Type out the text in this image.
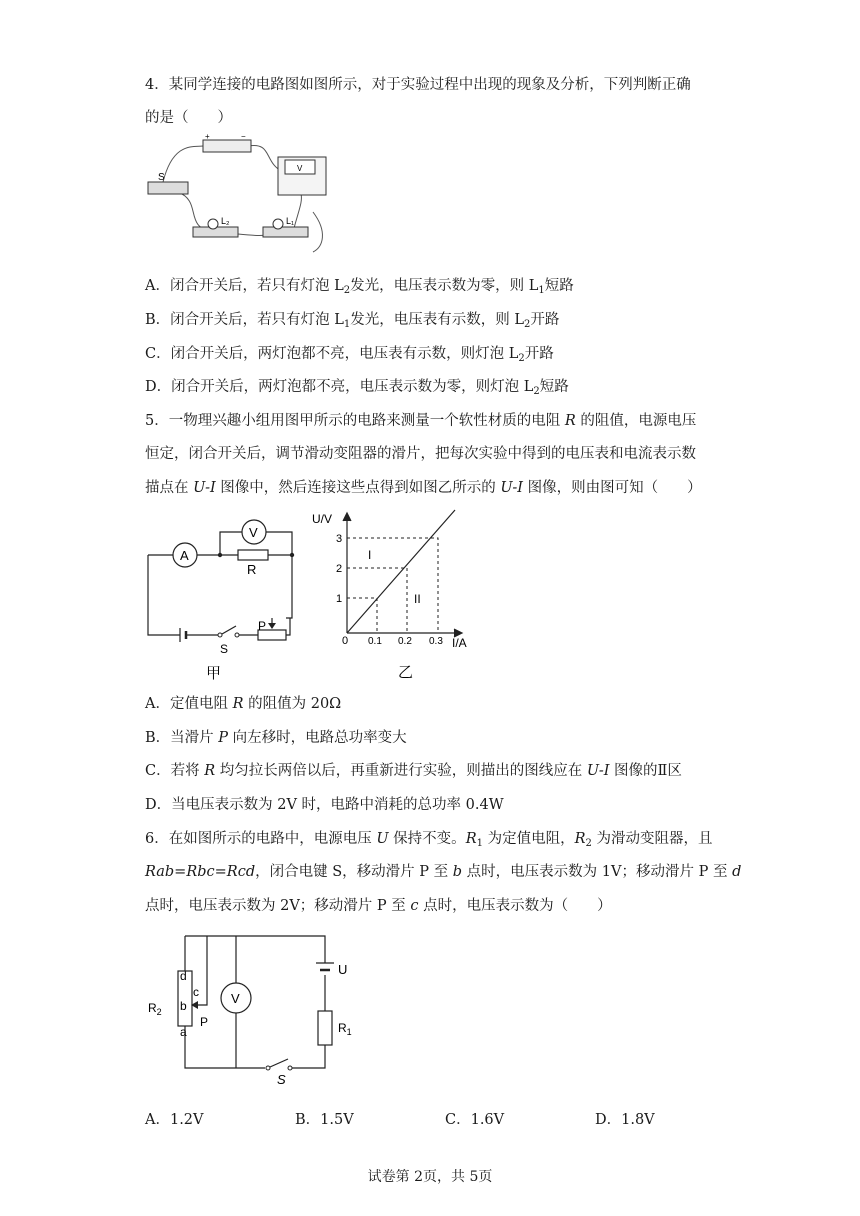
4．某同学连接的电路图如图所示，对于实验过程中出现的现象及分析，下列判断正确
的是（　　）
+	−
V
S
L₂	L₁
A．闭合开关后，若只有灯泡 $L_2$发光，电压表示数为零，则 $L_1$短路
B．闭合开关后，若只有灯泡 $L_1$发光，电压表有示数，则 $L_2$开路
C．闭合开关后，两灯泡都不亮，电压表有示数，则灯泡 $L_2$开路
D．闭合开关后，两灯泡都不亮，电压表示数为零，则灯泡 $L_2$短路
5．一物理兴趣小组用图甲所示的电路来测量一个软性材质的电阻 R 的阻值，电源电压
恒定，闭合开关后，调节滑动变阻器的滑片，把每次实验中得到的电压表和电流表示数
描点在 U-I 图像中，然后连接这些点得到如图乙所示的 U-I 图像，则由图可知（　　）
A
V
R
S
P
甲
U/V
I/A
0
1
2
3
0.1 0.2 0.3
I
II
乙
A．定值电阻 R 的阻值为 20Ω
B．当滑片 P 向左移时，电路总功率变大
C．若将 R 均匀拉长两倍以后，再重新进行实验，则描出的图线应在 U-I 图像的Ⅱ区
D．当电压表示数为 2V 时，电路中消耗的总功率 0.4W
6．在如图所示的电路中，电源电压 U 保持不变。$R_1$ 为定值电阻，$R_2$ 为滑动变阻器，且
Rab=Rbc=Rcd，闭合电键 S，移动滑片 P 至 b 点时，电压表示数为 1V；移动滑片 P 至 d
点时，电压表示数为 2V；移动滑片 P 至 c 点时，电压表示数为（　　）
$R_2$
d
c
b
a
P
V
U
$R_1$
S
A．1.2V	B．1.5V	C．1.6V	D．1.8V
试卷第 2页，共 5页
